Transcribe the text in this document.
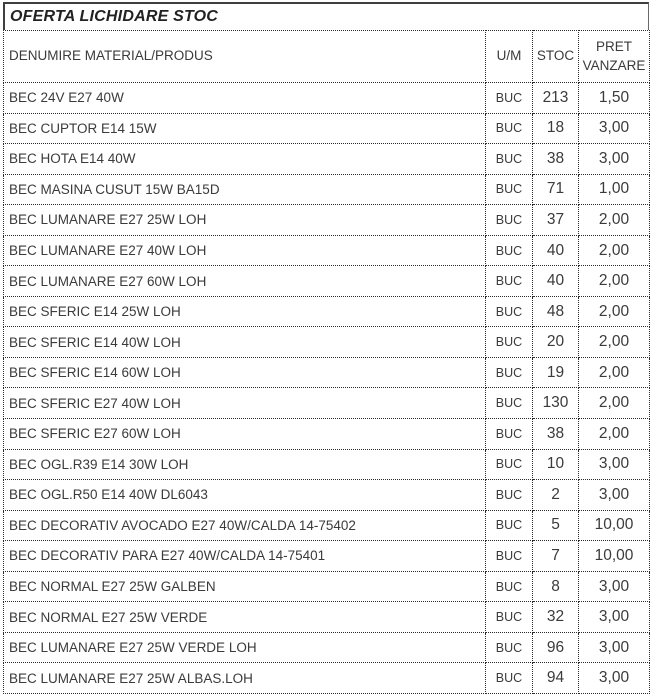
OFERTA LICHIDARE STOC
DENUMIRE MATERIAL/PRODUS	U/M	STOC	PRET VANZARE
BEC 24V E27 40W	BUC	213	1,50
BEC CUPTOR E14 15W	BUC	18	3,00
BEC HOTA E14 40W	BUC	38	3,00
BEC MASINA CUSUT 15W BA15D	BUC	71	1,00
BEC LUMANARE E27 25W LOH	BUC	37	2,00
BEC LUMANARE E27 40W LOH	BUC	40	2,00
BEC LUMANARE E27 60W LOH	BUC	40	2,00
BEC SFERIC E14 25W LOH	BUC	48	2,00
BEC SFERIC E14 40W LOH	BUC	20	2,00
BEC SFERIC E14 60W LOH	BUC	19	2,00
BEC SFERIC E27 40W LOH	BUC	130	2,00
BEC SFERIC E27 60W LOH	BUC	38	2,00
BEC OGL.R39 E14 30W LOH	BUC	10	3,00
BEC OGL.R50 E14 40W DL6043	BUC	2	3,00
BEC DECORATIV AVOCADO E27 40W/CALDA 14-75402	BUC	5	10,00
BEC DECORATIV PARA E27 40W/CALDA 14-75401	BUC	7	10,00
BEC NORMAL E27 25W GALBEN	BUC	8	3,00
BEC NORMAL E27 25W VERDE	BUC	32	3,00
BEC LUMANARE E27 25W VERDE LOH	BUC	96	3,00
BEC LUMANARE E27 25W ALBAS.LOH	BUC	94	3,00
